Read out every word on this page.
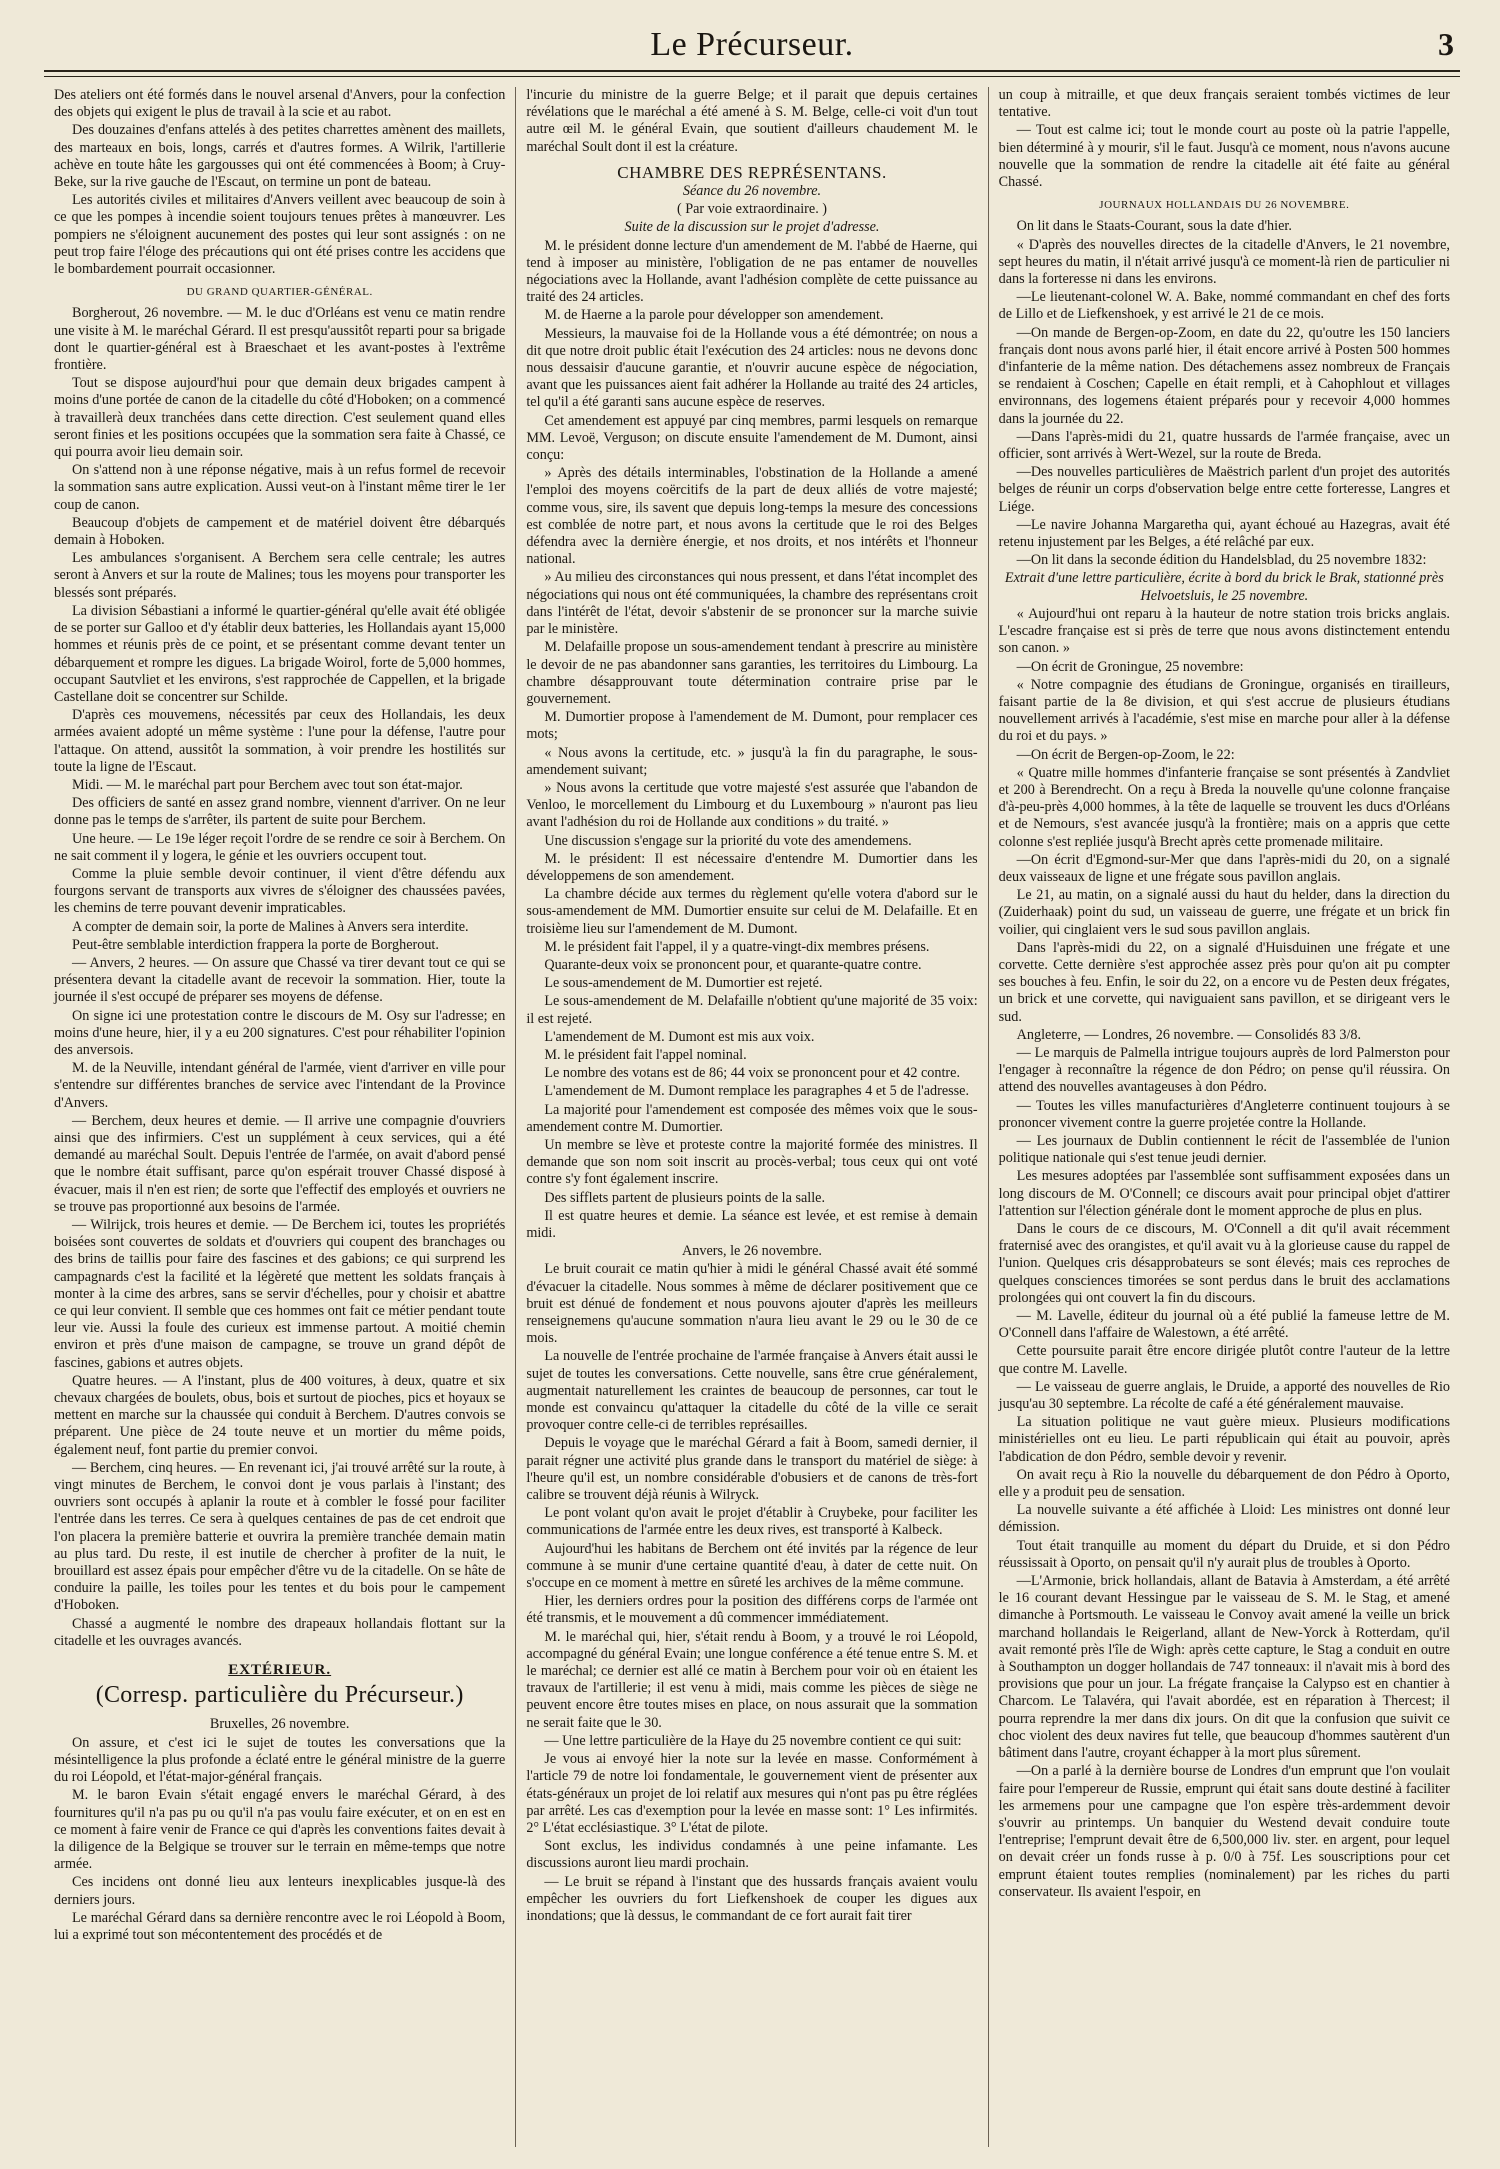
Le Précurseur.	3

Des ateliers ont été formés dans le nouvel arsenal d'Anvers, pour la confection des objets qui exigent le plus de travail à la scie et au rabot.

Des douzaines d'enfans attelés à des petites charrettes amènent des maillets, des marteaux en bois, longs, carrés et d'autres formes. A Wilrik, l'artillerie achève en toute hâte les gargousses qui ont été commencées à Boom; à Cruy-Beke, sur la rive gauche de l'Escaut, on termine un pont de bateau.

Les autorités civiles et militaires d'Anvers veillent avec beaucoup de soin à ce que les pompes à incendie soient toujours tenues prêtes à manœuvrer. Les pompiers ne s'éloignent aucunement des postes qui leur sont assignés : on ne peut trop faire l'éloge des précautions qui ont été prises contre les accidens que le bombardement pourrait occasionner.

DU GRAND QUARTIER-GÉNÉRAL.

Borgherout, 26 novembre. — M. le duc d'Orléans est venu ce matin rendre une visite à M. le maréchal Gérard. Il est presqu'aussitôt reparti pour sa brigade dont le quartier-général est à Braeschaet et les avant-postes à l'extrême frontière.

Tout se dispose aujourd'hui pour que demain deux brigades campent à moins d'une portée de canon de la citadelle du côté d'Hoboken; on a commencé à travaillerà deux tranchées dans cette direction. C'est seulement quand elles seront finies et les positions occupées que la sommation sera faite à Chassé, ce qui pourra avoir lieu demain soir.

On s'attend non à une réponse négative, mais à un refus formel de recevoir la sommation sans autre explication. Aussi veut-on à l'instant même tirer le 1er coup de canon.

Beaucoup d'objets de campement et de matériel doivent être débarqués demain à Hoboken.

Les ambulances s'organisent. A Berchem sera celle centrale; les autres seront à Anvers et sur la route de Malines; tous les moyens pour transporter les blessés sont préparés.

La division Sébastiani a informé le quartier-général qu'elle avait été obligée de se porter sur Galloo et d'y établir deux batteries, les Hollandais ayant 15,000 hommes et réunis près de ce point, et se présentant comme devant tenter un débarquement et rompre les digues. La brigade Woirol, forte de 5,000 hommes, occupant Sautvliet et les environs, s'est rapprochée de Cappellen, et la brigade Castellane doit se concentrer sur Schilde.

D'après ces mouvemens, nécessités par ceux des Hollandais, les deux armées avaient adopté un même système : l'une pour la défense, l'autre pour l'attaque. On attend, aussitôt la sommation, à voir prendre les hostilités sur toute la ligne de l'Escaut.

Midi. — M. le maréchal part pour Berchem avec tout son état-major.

Des officiers de santé en assez grand nombre, viennent d'arriver. On ne leur donne pas le temps de s'arrêter, ils partent de suite pour Berchem.

Une heure. — Le 19e léger reçoit l'ordre de se rendre ce soir à Berchem. On ne sait comment il y logera, le génie et les ouvriers occupent tout.

Comme la pluie semble devoir continuer, il vient d'être défendu aux fourgons servant de transports aux vivres de s'éloigner des chaussées pavées, les chemins de terre pouvant devenir impraticables.

A compter de demain soir, la porte de Malines à Anvers sera interdite.

Peut-être semblable interdiction frappera la porte de Borgherout.

— Anvers, 2 heures. — On assure que Chassé va tirer devant tout ce qui se présentera devant la citadelle avant de recevoir la sommation. Hier, toute la journée il s'est occupé de préparer ses moyens de défense.

On signe ici une protestation contre le discours de M. Osy sur l'adresse; en moins d'une heure, hier, il y a eu 200 signatures. C'est pour réhabiliter l'opinion des anversois.

M. de la Neuville, intendant général de l'armée, vient d'arriver en ville pour s'entendre sur différentes branches de service avec l'intendant de la Province d'Anvers.

— Berchem, deux heures et demie. — Il arrive une compagnie d'ouvriers ainsi que des infirmiers. C'est un supplément à ceux services, qui a été demandé au maréchal Soult. Depuis l'entrée de l'armée, on avait d'abord pensé que le nombre était suffisant, parce qu'on espérait trouver Chassé disposé à évacuer, mais il n'en est rien; de sorte que l'effectif des employés et ouvriers ne se trouve pas proportionné aux besoins de l'armée.

— Wilrijck, trois heures et demie. — De Berchem ici, toutes les propriétés boisées sont couvertes de soldats et d'ouvriers qui coupent des branchages ou des brins de taillis pour faire des fascines et des gabions; ce qui surprend les campagnards c'est la facilité et la légèreté que mettent les soldats français à monter à la cime des arbres, sans se servir d'échelles, pour y choisir et abattre ce qui leur convient. Il semble que ces hommes ont fait ce métier pendant toute leur vie. Aussi la foule des curieux est immense partout. A moitié chemin environ et près d'une maison de campagne, se trouve un grand dépôt de fascines, gabions et autres objets.

Quatre heures. — A l'instant, plus de 400 voitures, à deux, quatre et six chevaux chargées de boulets, obus, bois et surtout de pioches, pics et hoyaux se mettent en marche sur la chaussée qui conduit à Berchem. D'autres convois se préparent. Une pièce de 24 toute neuve et un mortier du même poids, également neuf, font partie du premier convoi.

— Berchem, cinq heures. — En revenant ici, j'ai trouvé arrêté sur la route, à vingt minutes de Berchem, le convoi dont je vous parlais à l'instant; des ouvriers sont occupés à aplanir la route et à combler le fossé pour faciliter l'entrée dans les terres. Ce sera à quelques centaines de pas de cet endroit que l'on placera la première batterie et ouvrira la première tranchée demain matin au plus tard. Du reste, il est inutile de chercher à profiter de la nuit, le brouillard est assez épais pour empêcher d'être vu de la citadelle. On se hâte de conduire la paille, les toiles pour les tentes et du bois pour le campement d'Hoboken.

Chassé a augmenté le nombre des drapeaux hollandais flottant sur la citadelle et les ouvrages avancés.

EXTÉRIEUR.
(Corresp. particulière du Précurseur.)

Bruxelles, 26 novembre.

On assure, et c'est ici le sujet de toutes les conversations que la mésintelligence la plus profonde a éclaté entre le général ministre de la guerre du roi Léopold, et l'état-major-général français.

M. le baron Evain s'était engagé envers le maréchal Gérard, à des fournitures qu'il n'a pas pu ou qu'il n'a pas voulu faire exécuter, et on en est en ce moment à faire venir de France ce qui d'après les conventions faites devait à la diligence de la Belgique se trouver sur le terrain en même-temps que notre armée.

Ces incidens ont donné lieu aux lenteurs inexplicables jusque-là des derniers jours.

Le maréchal Gérard dans sa dernière rencontre avec le roi Léopold à Boom, lui a exprimé tout son mécontentement des procédés et de

l'incurie du ministre de la guerre Belge; et il parait que depuis certaines révélations que le maréchal a été amené à S. M. Belge, celle-ci voit d'un tout autre œil M. le général Evain, que soutient d'ailleurs chaudement M. le maréchal Soult dont il est la créature.

CHAMBRE DES REPRÉSENTANS.

Séance du 26 novembre.

( Par voie extraordinaire. )

Suite de la discussion sur le projet d'adresse.

M. le président donne lecture d'un amendement de M. l'abbé de Haerne, qui tend à imposer au ministère, l'obligation de ne pas entamer de nouvelles négociations avec la Hollande, avant l'adhésion complète de cette puissance au traité des 24 articles.

M. de Haerne a la parole pour développer son amendement.

Messieurs, la mauvaise foi de la Hollande vous a été démontrée; on nous a dit que notre droit public était l'exécution des 24 articles: nous ne devons donc nous dessaisir d'aucune garantie, et n'ouvrir aucune espèce de négociation, avant que les puissances aient fait adhérer la Hollande au traité des 24 articles, tel qu'il a été garanti sans aucune espèce de reserves.

Cet amendement est appuyé par cinq membres, parmi lesquels on remarque MM. Levoë, Verguson; on discute ensuite l'amendement de M. Dumont, ainsi conçu:

» Après des détails interminables, l'obstination de la Hollande a amené l'emploi des moyens coërcitifs de la part de deux alliés de votre majesté; comme vous, sire, ils savent que depuis long-temps la mesure des concessions est comblée de notre part, et nous avons la certitude que le roi des Belges défendra avec la dernière énergie, et nos droits, et nos intérêts et l'honneur national.

» Au milieu des circonstances qui nous pressent, et dans l'état incomplet des négociations qui nous ont été communiquées, la chambre des représentans croit dans l'intérêt de l'état, devoir s'abstenir de se prononcer sur la marche suivie par le ministère.

M. Delafaille propose un sous-amendement tendant à prescrire au ministère le devoir de ne pas abandonner sans garanties, les territoires du Limbourg. La chambre désapprouvant toute détermination contraire prise par le gouvernement.

M. Dumortier propose à l'amendement de M. Dumont, pour remplacer ces mots;

« Nous avons la certitude, etc. » jusqu'à la fin du paragraphe, le sous-amendement suivant;

» Nous avons la certitude que votre majesté s'est assurée que l'abandon de Venloo, le morcellement du Limbourg et du Luxembourg » n'auront pas lieu avant l'adhésion du roi de Hollande aux conditions » du traité. »

Une discussion s'engage sur la priorité du vote des amendemens.

M. le président: Il est nécessaire d'entendre M. Dumortier dans les développemens de son amendement.

La chambre décide aux termes du règlement qu'elle votera d'abord sur le sous-amendement de MM. Dumortier ensuite sur celui de M. Delafaille. Et en troisième lieu sur l'amendement de M. Dumont.

M. le président fait l'appel, il y a quatre-vingt-dix membres présens.

Quarante-deux voix se prononcent pour, et quarante-quatre contre.

Le sous-amendement de M. Dumortier est rejeté.

Le sous-amendement de M. Delafaille n'obtient qu'une majorité de 35 voix: il est rejeté.

L'amendement de M. Dumont est mis aux voix.

M. le président fait l'appel nominal.

Le nombre des votans est de 86; 44 voix se prononcent pour et 42 contre.

L'amendement de M. Dumont remplace les paragraphes 4 et 5 de l'adresse.

La majorité pour l'amendement est composée des mêmes voix que le sous-amendement contre M. Dumortier.

Un membre se lève et proteste contre la majorité formée des ministres. Il demande que son nom soit inscrit au procès-verbal; tous ceux qui ont voté contre s'y font également inscrire.

Des sifflets partent de plusieurs points de la salle.

Il est quatre heures et demie. La séance est levée, et est remise à demain midi.

Anvers, le 26 novembre.

Le bruit courait ce matin qu'hier à midi le général Chassé avait été sommé d'évacuer la citadelle. Nous sommes à même de déclarer positivement que ce bruit est dénué de fondement et nous pouvons ajouter d'après les meilleurs renseignemens qu'aucune sommation n'aura lieu avant le 29 ou le 30 de ce mois.

La nouvelle de l'entrée prochaine de l'armée française à Anvers était aussi le sujet de toutes les conversations. Cette nouvelle, sans être crue généralement, augmentait naturellement les craintes de beaucoup de personnes, car tout le monde est convaincu qu'attaquer la citadelle du côté de la ville ce serait provoquer contre celle-ci de terribles représailles.

Depuis le voyage que le maréchal Gérard a fait à Boom, samedi dernier, il parait régner une activité plus grande dans le transport du matériel de siège: à l'heure qu'il est, un nombre considérable d'obusiers et de canons de très-fort calibre se trouvent déjà réunis à Wilryck.

Le pont volant qu'on avait le projet d'établir à Cruybeke, pour faciliter les communications de l'armée entre les deux rives, est transporté à Kalbeck.

Aujourd'hui les habitans de Berchem ont été invités par la régence de leur commune à se munir d'une certaine quantité d'eau, à dater de cette nuit. On s'occupe en ce moment à mettre en sûreté les archives de la même commune.

Hier, les derniers ordres pour la position des différens corps de l'armée ont été transmis, et le mouvement a dû commencer immédiatement.

M. le maréchal qui, hier, s'était rendu à Boom, y a trouvé le roi Léopold, accompagné du général Evain; une longue conférence a été tenue entre S. M. et le maréchal; ce dernier est allé ce matin à Berchem pour voir où en étaient les travaux de l'artillerie; il est venu à midi, mais comme les pièces de siège ne peuvent encore être toutes mises en place, on nous assurait que la sommation ne serait faite que le 30.

— Une lettre particulière de la Haye du 25 novembre contient ce qui suit:

Je vous ai envoyé hier la note sur la levée en masse. Conformément à l'article 79 de notre loi fondamentale, le gouvernement vient de présenter aux états-généraux un projet de loi relatif aux mesures qui n'ont pas pu être réglées par arrêté. Les cas d'exemption pour la levée en masse sont: 1° Les infirmités. 2° L'état ecclésiastique. 3° L'état de pilote.

Sont exclus, les individus condamnés à une peine infamante. Les discussions auront lieu mardi prochain.

— Le bruit se répand à l'instant que des hussards français avaient voulu empêcher les ouvriers du fort Liefkenshoek de couper les digues aux inondations; que là dessus, le commandant de ce fort aurait fait tirer

un coup à mitraille, et que deux français seraient tombés victimes de leur tentative.

— Tout est calme ici; tout le monde court au poste où la patrie l'appelle, bien déterminé à y mourir, s'il le faut. Jusqu'à ce moment, nous n'avons aucune nouvelle que la sommation de rendre la citadelle ait été faite au général Chassé.

JOURNAUX HOLLANDAIS DU 26 NOVEMBRE.

On lit dans le Staats-Courant, sous la date d'hier.

« D'après des nouvelles directes de la citadelle d'Anvers, le 21 novembre, sept heures du matin, il n'était arrivé jusqu'à ce moment-là rien de particulier ni dans la forteresse ni dans les environs.

—Le lieutenant-colonel W. A. Bake, nommé commandant en chef des forts de Lillo et de Liefkenshoek, y est arrivé le 21 de ce mois.

—On mande de Bergen-op-Zoom, en date du 22, qu'outre les 150 lanciers français dont nous avons parlé hier, il était encore arrivé à Posten 500 hommes d'infanterie de la même nation. Des détachemens assez nombreux de Français se rendaient à Coschen; Capelle en était rempli, et à Cahophlout et villages environnans, des logemens étaient préparés pour y recevoir 4,000 hommes dans la journée du 22.

—Dans l'après-midi du 21, quatre hussards de l'armée française, avec un officier, sont arrivés à Wert-Wezel, sur la route de Breda.

—Des nouvelles particulières de Maëstrich parlent d'un projet des autorités belges de réunir un corps d'observation belge entre cette forteresse, Langres et Liége.

—Le navire Johanna Margaretha qui, ayant échoué au Hazegras, avait été retenu injustement par les Belges, a été relâché par eux.

—On lit dans la seconde édition du Handelsblad, du 25 novembre 1832:

Extrait d'une lettre particulière, écrite à bord du brick le Brak, stationné près Helvoetsluis, le 25 novembre.

« Aujourd'hui ont reparu à la hauteur de notre station trois bricks anglais. L'escadre française est si près de terre que nous avons distinctement entendu son canon. »

—On écrit de Groningue, 25 novembre:

« Notre compagnie des étudians de Groningue, organisés en tirailleurs, faisant partie de la 8e division, et qui s'est accrue de plusieurs étudians nouvellement arrivés à l'académie, s'est mise en marche pour aller à la défense du roi et du pays. »

—On écrit de Bergen-op-Zoom, le 22:

« Quatre mille hommes d'infanterie française se sont présentés à Zandvliet et 200 à Berendrecht. On a reçu à Breda la nouvelle qu'une colonne française d'à-peu-près 4,000 hommes, à la tête de laquelle se trouvent les ducs d'Orléans et de Nemours, s'est avancée jusqu'à la frontière; mais on a appris que cette colonne s'est repliée jusqu'à Brecht après cette promenade militaire.

—On écrit d'Egmond-sur-Mer que dans l'après-midi du 20, on a signalé deux vaisseaux de ligne et une frégate sous pavillon anglais.

Le 21, au matin, on a signalé aussi du haut du helder, dans la direction du (Zuiderhaak) point du sud, un vaisseau de guerre, une frégate et un brick fin voilier, qui cinglaient vers le sud sous pavillon anglais.

Dans l'après-midi du 22, on a signalé d'Huisduinen une frégate et une corvette. Cette dernière s'est approchée assez près pour qu'on ait pu compter ses bouches à feu. Enfin, le soir du 22, on a encore vu de Pesten deux frégates, un brick et une corvette, qui naviguaient sans pavillon, et se dirigeant vers le sud.

Angleterre, — Londres, 26 novembre. — Consolidés 83 3/8.

— Le marquis de Palmella intrigue toujours auprès de lord Palmerston pour l'engager à reconnaître la régence de don Pédro; on pense qu'il réussira. On attend des nouvelles avantageuses à don Pédro.

— Toutes les villes manufacturières d'Angleterre continuent toujours à se prononcer vivement contre la guerre projetée contre la Hollande.

— Les journaux de Dublin contiennent le récit de l'assemblée de l'union politique nationale qui s'est tenue jeudi dernier.

Les mesures adoptées par l'assemblée sont suffisamment exposées dans un long discours de M. O'Connell; ce discours avait pour principal objet d'attirer l'attention sur l'élection générale dont le moment approche de plus en plus.

Dans le cours de ce discours, M. O'Connell a dit qu'il avait récemment fraternisé avec des orangistes, et qu'il avait vu à la glorieuse cause du rappel de l'union. Quelques cris désapprobateurs se sont élevés; mais ces reproches de quelques consciences timorées se sont perdus dans le bruit des acclamations prolongées qui ont couvert la fin du discours.

— M. Lavelle, éditeur du journal où a été publié la fameuse lettre de M. O'Connell dans l'affaire de Walestown, a été arrêté.

Cette poursuite parait être encore dirigée plutôt contre l'auteur de la lettre que contre M. Lavelle.

— Le vaisseau de guerre anglais, le Druide, a apporté des nouvelles de Rio jusqu'au 30 septembre. La récolte de café a été généralement mauvaise.

La situation politique ne vaut guère mieux. Plusieurs modifications ministérielles ont eu lieu. Le parti républicain qui était au pouvoir, après l'abdication de don Pédro, semble devoir y revenir.

On avait reçu à Rio la nouvelle du débarquement de don Pédro à Oporto, elle y a produit peu de sensation.

La nouvelle suivante a été affichée à Lloid: Les ministres ont donné leur démission.

Tout était tranquille au moment du départ du Druide, et si don Pédro réussissait à Oporto, on pensait qu'il n'y aurait plus de troubles à Oporto.

—L'Armonie, brick hollandais, allant de Batavia à Amsterdam, a été arrêté le 16 courant devant Hessingue par le vaisseau de S. M. le Stag, et amené dimanche à Portsmouth. Le vaisseau le Convoy avait amené la veille un brick marchand hollandais le Reigerland, allant de New-Yorck à Rotterdam, qu'il avait remonté près l'île de Wigh: après cette capture, le Stag a conduit en outre à Southampton un dogger hollandais de 747 tonneaux: il n'avait mis à bord des provisions que pour un jour. La frégate française la Calypso est en chantier à Charcom. Le Talavéra, qui l'avait abordée, est en réparation à Thercest; il pourra reprendre la mer dans dix jours. On dit que la confusion que suivit ce choc violent des deux navires fut telle, que beaucoup d'hommes sautèrent d'un bâtiment dans l'autre, croyant échapper à la mort plus sûrement.

—On a parlé à la dernière bourse de Londres d'un emprunt que l'on voulait faire pour l'empereur de Russie, emprunt qui était sans doute destiné à faciliter les armemens pour une campagne que l'on espère très-ardemment devoir s'ouvrir au printemps. Un banquier du Westend devait conduire toute l'entreprise; l'emprunt devait être de 6,500,000 liv. ster. en argent, pour lequel on devait créer un fonds russe à p. 0/0 à 75f. Les souscriptions pour cet emprunt étaient toutes remplies (nominalement) par les riches du parti conservateur. Ils avaient l'espoir, en
